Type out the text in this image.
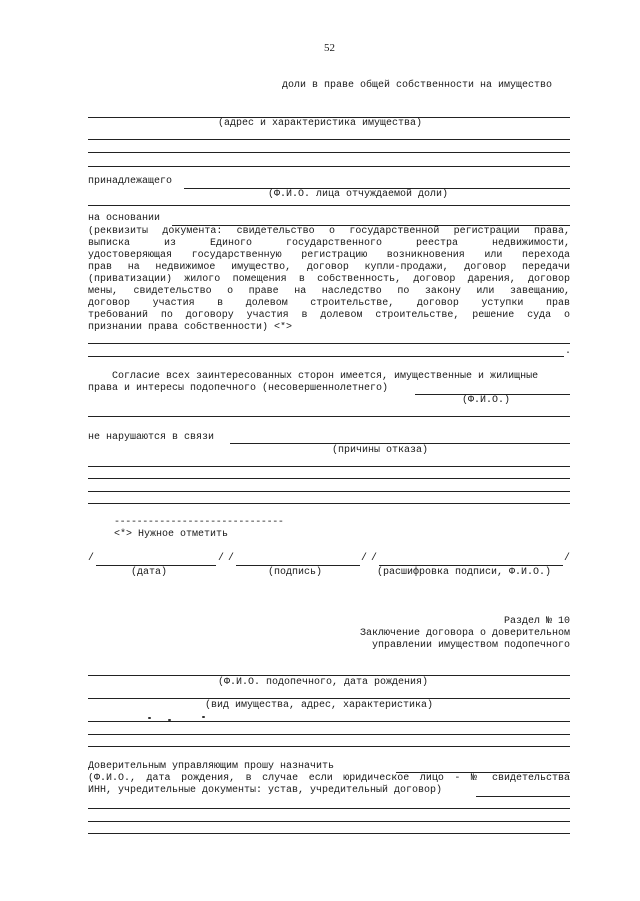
52
доли в праве общей собственности на имущество
(адрес и характеристика имущества)
принадлежащего
(Ф.И.О. лица отчуждаемой доли)
на основании
(реквизиты документа: свидетельство о государственной регистрации права,
выписка из Единого государственного реестра недвижимости,
удостоверяющая государственную регистрацию возникновения или перехода
прав на недвижимое имущество, договор купли-продажи, договор передачи
(приватизации) жилого помещения в собственность, договор дарения, договор
мены, свидетельство о праве на наследство по закону или завещанию,
договор участия в долевом строительстве, договор уступки прав
требований по договору участия в долевом строительстве, решение суда о
признании права собственности) <*>
.
Согласие всех заинтересованных сторон имеется, имущественные и жилищные
права и интересы подопечного (несовершеннолетнего)
(Ф.И.О.)
не нарушаются в связи
(причины отказа)
------------------------------
<*> Нужное отметить
/	/ /	/ /	/
(дата)	(подпись)	(расшифровка подписи, Ф.И.О.)
Раздел № 10
Заключение договора о доверительном
управлении имуществом подопечного
(Ф.И.О. подопечного, дата рождения)
(вид имущества, адрес, характеристика)
Доверительным управляющим прошу назначить
(Ф.И.О., дата рождения, в случае если юридическое лицо - № свидетельства
ИНН, учредительные документы: устав, учредительный договор)
